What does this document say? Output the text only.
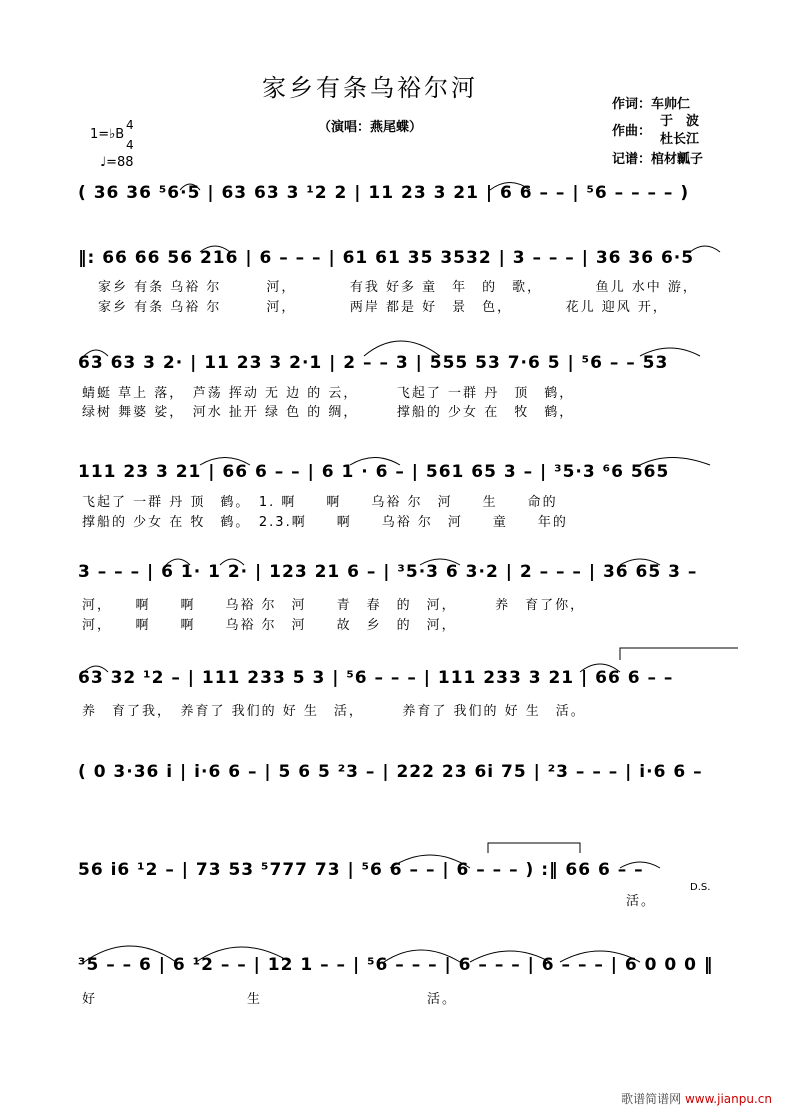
家乡有条乌裕尔河
（演唱：燕尾蝶）
作词：车帅仁
作曲：
于　波
杜长江
记谱：棺材瓤子
1=♭B
4
4
♩=88
( 36 36 ⁵6·5 | 63 63 3 ¹2 2 | 11 23 3 21 | 6 6 – – | ⁵6 – – – – )
‖: 66 66 56 216 | 6 – – – | 61 61 35 3532 | 3 – – – | 36 36 6·5
家乡 有条 乌裕 尔　　　河，　　　　有我 好多 童　年　的　歌，　　　　鱼儿 水中 游，
家乡 有条 乌裕 尔　　　河，　　　　两岸 都是 好　景　色，　　　　花儿 迎风 开，
63 63 3 2· | 11 23 3 2·1 | 2 – – 3 | 555 53 7·6 5 | ⁵6 – – 53
蜻蜓 草上 落，　芦荡 挥动 无 边 的 云，　　　飞起了 一群 丹　顶　鹤，
绿树 舞婆 娑，　河水 扯开 绿 色 的 绸，　　　撑船的 少女 在　牧　鹤，
111 23 3 21 | 66 6 – – | 6 1 · 6 – | 561 65 3 – | ³5·3 ⁶6 565
飞起了 一群 丹 顶　鹤。　1. 啊　　啊　　乌裕 尔　河　　生　　命的
撑船的 少女 在 牧　鹤。　2.3.啊　　啊　　乌裕 尔　河　　童　　年的
3 – – – | 6 1· 1 2· | 123 21 6 – | ³5·3 6 3·2 | 2 – – – | 36 65 3 –
河，　　啊　　啊　　乌裕 尔　河　　青　春　的　河，　　　养　育了你，
河，　　啊　　啊　　乌裕 尔　河　　故　乡　的　河，
63 32 ¹2 – | 111 233 5 3 | ⁵6 – – – | 111 233 3 21 | 66 6 – –
养　育了我，　养育了 我们的 好 生　活，　　　养育了 我们的 好 生　活。
( 0 3·36 i | i·6 6 – | 5 6 5 ²3 – | 222 23 6i 75 | ²3 – – – | i·6 6 –
56 i6 ¹2 – | 73 53 ⁵777 73 | ⁵6 6 – – | 6 – – – ) :‖ 66 6 – –
活。
D.S.
³5 – – 6 | 6 ¹2 – – | 12 1 – – | ⁵6 – – – | 6 – – – | 6 – – – | 6 0 0 0 ‖
好　　　　　　　　　　生　　　　　　　　　　　活。
歌谱简谱网 www.jianpu.cn
